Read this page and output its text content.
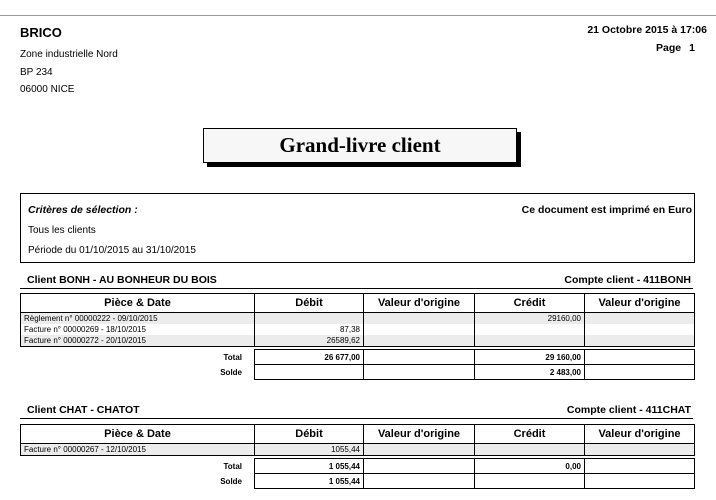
BRICO
Zone industrielle Nord
BP 234
06000 NICE
21 Octobre 2015 à 17:06
Page 1
Grand-livre client
Critères de sélection :	Ce document est imprimé en Euro
Tous les clients
Période du 01/10/2015 au 31/10/2015
Client BONH - AU BONHEUR DU BOIS	Compte client - 411BONH
Pièce & Date	Débit	Valeur d'origine	Crédit	Valeur d'origine
Règlement n° 00000222 - 09/10/2015			29160,00	
Facture n° 00000269 - 18/10/2015	87,38			
Facture n° 00000272 - 20/10/2015	26589,62			

Total	26 677,00		29 160,00	
Solde			2 483,00	
Client CHAT - CHATOT	Compte client - 411CHAT
Pièce & Date	Débit	Valeur d'origine	Crédit	Valeur d'origine
Facture n° 00000267 - 12/10/2015	1055,44			

Total	1 055,44		0,00	
Solde	1 055,44			
